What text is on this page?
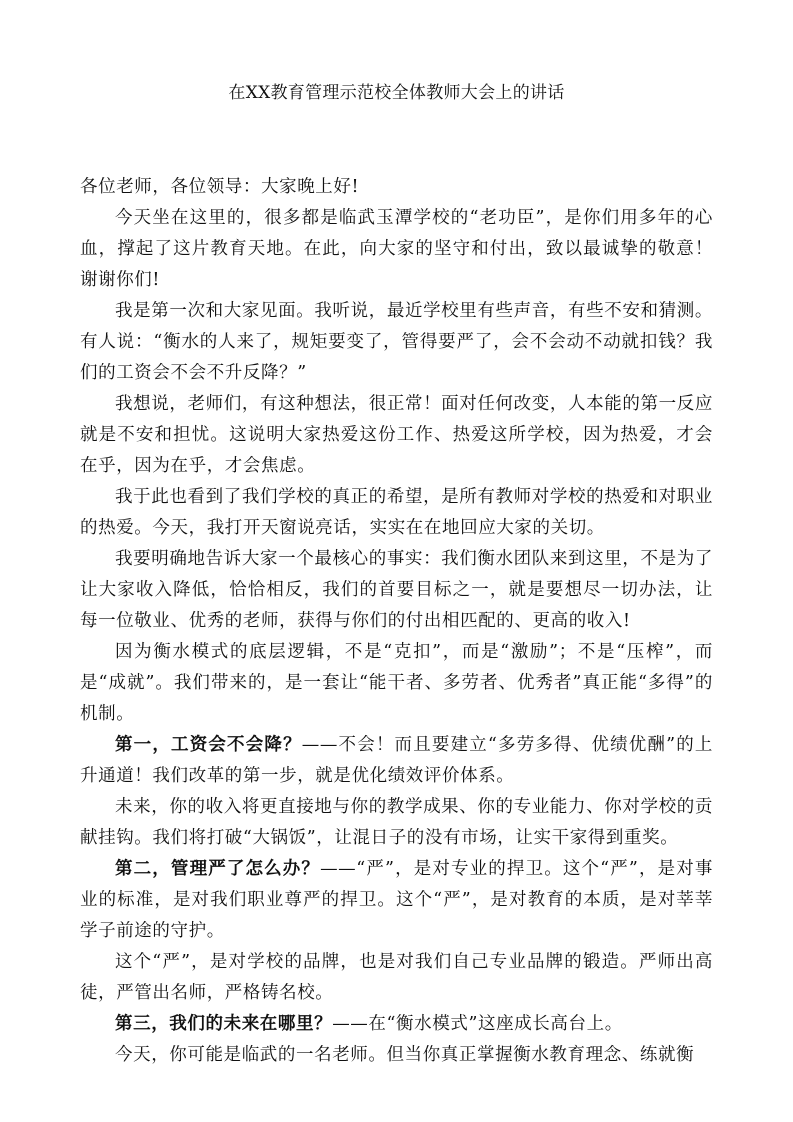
在XX教育管理示范校全体教师大会上的讲话

各位老师，各位领导：大家晚上好!

今天坐在这里的，很多都是临武玉潭学校的“老功臣”，是你们用多年的心血，撑起了这片教育天地。在此，向大家的坚守和付出，致以最诚挚的敬意！谢谢你们!

我是第一次和大家见面。我听说，最近学校里有些声音，有些不安和猜测。有人说：“衡水的人来了，规矩要变了，管得要严了，会不会动不动就扣钱？我们的工资会不会不升反降？”

我想说，老师们，有这种想法，很正常！面对任何改变，人本能的第一反应就是不安和担忧。这说明大家热爱这份工作、热爱这所学校，因为热爱，才会在乎，因为在乎，才会焦虑。

我于此也看到了我们学校的真正的希望，是所有教师对学校的热爱和对职业的热爱。今天，我打开天窗说亮话，实实在在地回应大家的关切。

我要明确地告诉大家一个最核心的事实：我们衡水团队来到这里，不是为了让大家收入降低，恰恰相反，我们的首要目标之一，就是要想尽一切办法，让每一位敬业、优秀的老师，获得与你们的付出相匹配的、更高的收入!

因为衡水模式的底层逻辑，不是“克扣”，而是“激励”；不是“压榨”，而是“成就”。我们带来的，是一套让“能干者、多劳者、优秀者”真正能“多得”的机制。

第一，工资会不会降？——不会！而且要建立“多劳多得、优绩优酬”的上升通道！我们改革的第一步，就是优化绩效评价体系。

未来，你的收入将更直接地与你的教学成果、你的专业能力、你对学校的贡献挂钩。我们将打破“大锅饭”，让混日子的没有市场，让实干家得到重奖。

第二，管理严了怎么办？——“严”，是对专业的捍卫。这个“严”，是对事业的标准，是对我们职业尊严的捍卫。这个“严”，是对教育的本质，是对莘莘学子前途的守护。

这个“严”，是对学校的品牌，也是对我们自己专业品牌的锻造。严师出高徒，严管出名师，严格铸名校。

第三，我们的未来在哪里？——在“衡水模式”这座成长高台上。

今天，你可能是临武的一名老师。但当你真正掌握衡水教育理念、练就衡
